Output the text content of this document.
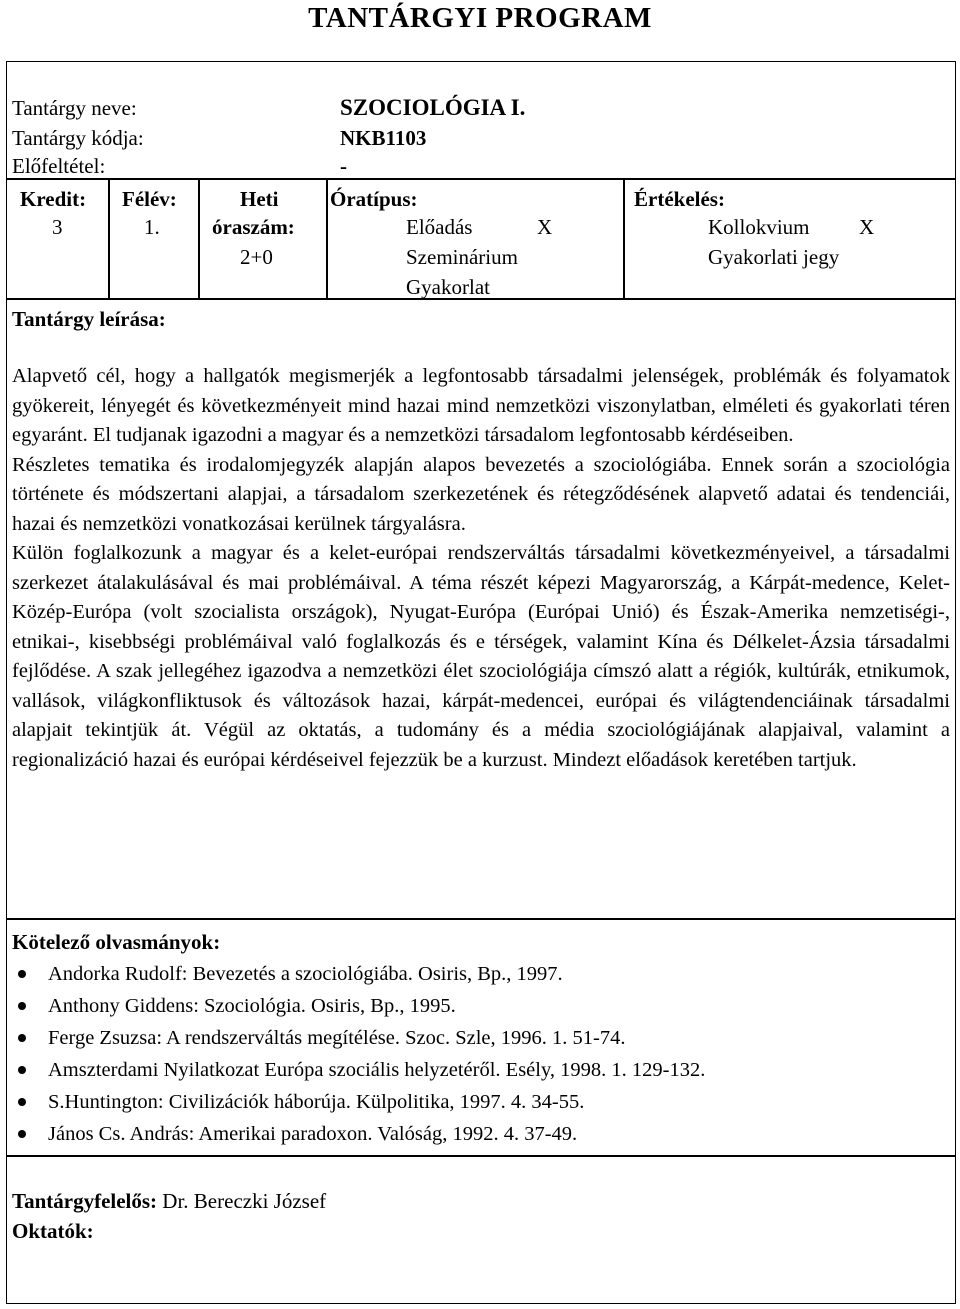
TANTÁRGYI PROGRAM
Tantárgy neve:	SZOCIOLÓGIA I.
Tantárgy kódja:	NKB1103
Előfeltétel:	-
Kredit:
3
Félév:
1.
Heti
óraszám:
2+0
Óratípus:
Előadás	X
Szeminárium
Gyakorlat
Értékelés:
Kollokvium X
Gyakorlati jegy
Tantárgy leírása:

Alapvető cél, hogy a hallgatók megismerjék a legfontosabb társadalmi jelenségek, problémák és folyamatok gyökereit, lényegét és következményeit mind hazai mind nemzetközi viszonylatban, elméleti és gyakorlati téren egyaránt. El tudjanak igazodni a magyar és a nemzetközi társadalom legfontosabb kérdéseiben.

Részletes tematika és irodalomjegyzék alapján alapos bevezetés a szociológiába. Ennek során a szociológia története és módszertani alapjai, a társadalom szerkezetének és rétegződésének alapvető adatai és tendenciái, hazai és nemzetközi vonatkozásai kerülnek tárgyalásra.

Külön foglalkozunk a magyar és a kelet-európai rendszerváltás társadalmi következményeivel, a társadalmi szerkezet átalakulásával és mai problémáival. A téma részét képezi Magyarország, a Kárpát-medence, Kelet-Közép-Európa (volt szocialista országok), Nyugat-Európa (Európai Unió) és Észak-Amerika nemzetiségi-, etnikai-, kisebbségi problémáival való foglalkozás és e térségek, valamint Kína és Délkelet-Ázsia társadalmi fejlődése. A szak jellegéhez igazodva a nemzetközi élet szociológiája címszó alatt a régiók, kultúrák, etnikumok, vallások, világkonfliktusok és változások hazai, kárpát-medencei, európai és világtendenciáinak társadalmi alapjait tekintjük át. Végül az oktatás, a tudomány és a média szociológiájának alapjaival, valamint a regionalizáció hazai és európai kérdéseivel fejezzük be a kurzust. Mindezt előadások keretében tartjuk.

Kötelező olvasmányok:
Andorka Rudolf: Bevezetés a szociológiába. Osiris, Bp., 1997.
Anthony Giddens: Szociológia. Osiris, Bp., 1995.
Ferge Zsuzsa: A rendszerváltás megítélése. Szoc. Szle, 1996. 1. 51-74.
Amszterdami Nyilatkozat Európa szociális helyzetéről. Esély, 1998. 1. 129-132.
S.Huntington: Civilizációk háborúja. Külpolitika, 1997. 4. 34-55.
János Cs. András: Amerikai paradoxon. Valóság, 1992. 4. 37-49.
Tantárgyfelelős: Dr. Bereczki József
Oktatók:
